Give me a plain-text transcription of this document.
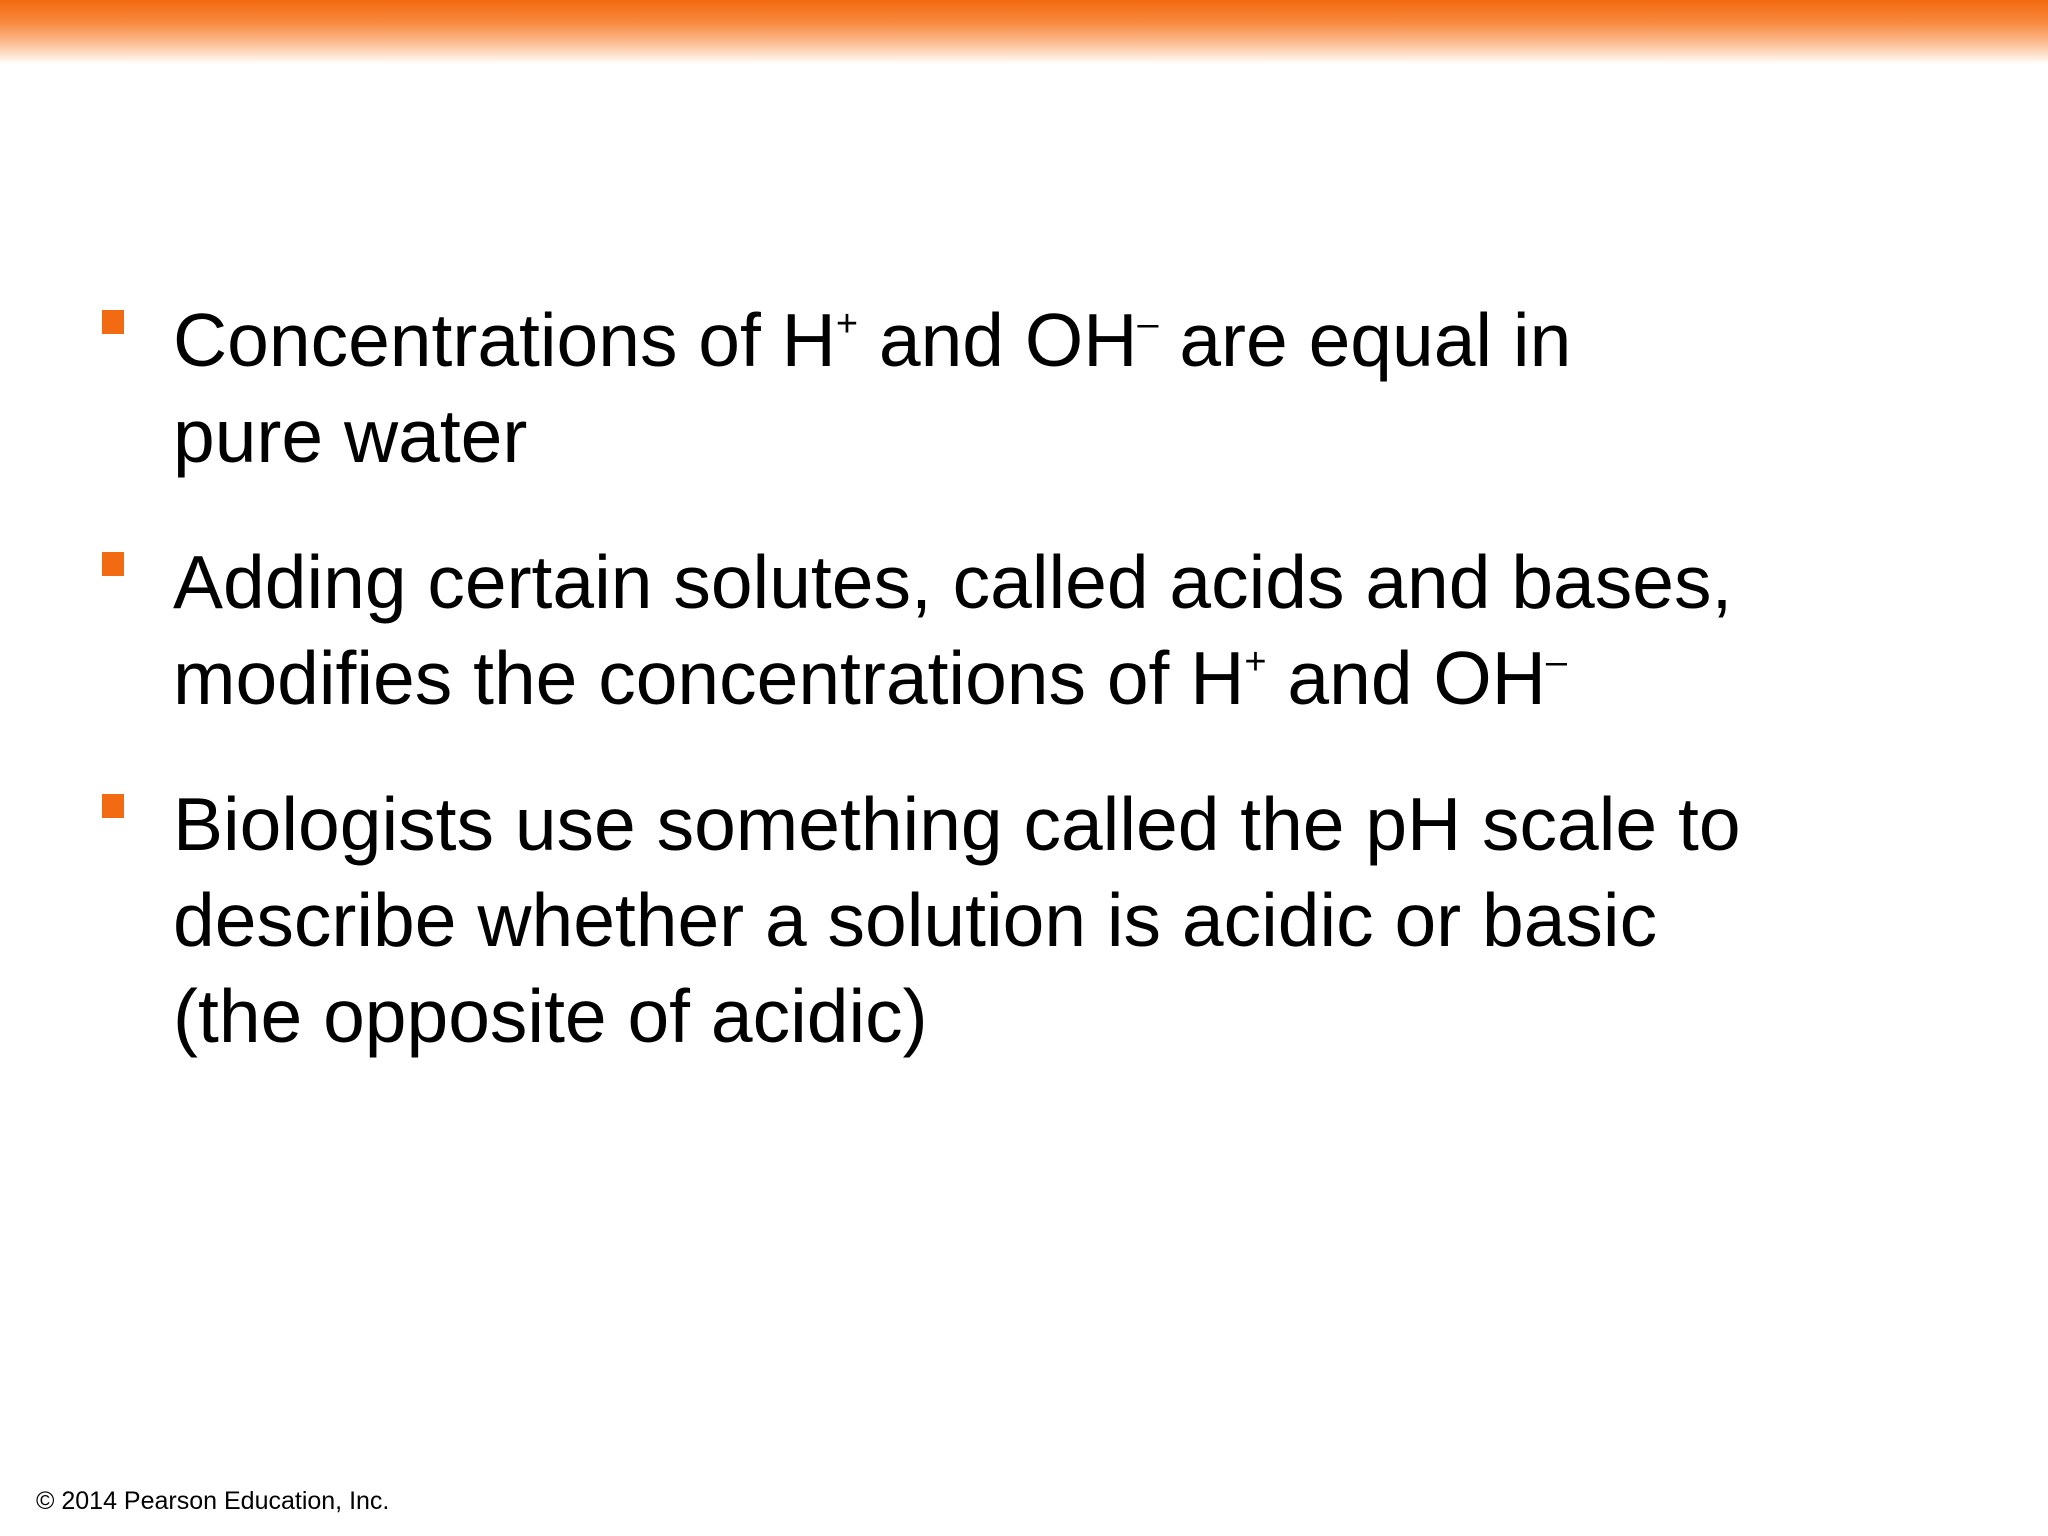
Concentrations of H+ and OH– are equal in
pure water
Adding certain solutes, called acids and bases,
modifies the concentrations of H+ and OH–
Biologists use something called the pH scale to
describe whether a solution is acidic or basic
(the opposite of acidic)
© 2014 Pearson Education, Inc.
